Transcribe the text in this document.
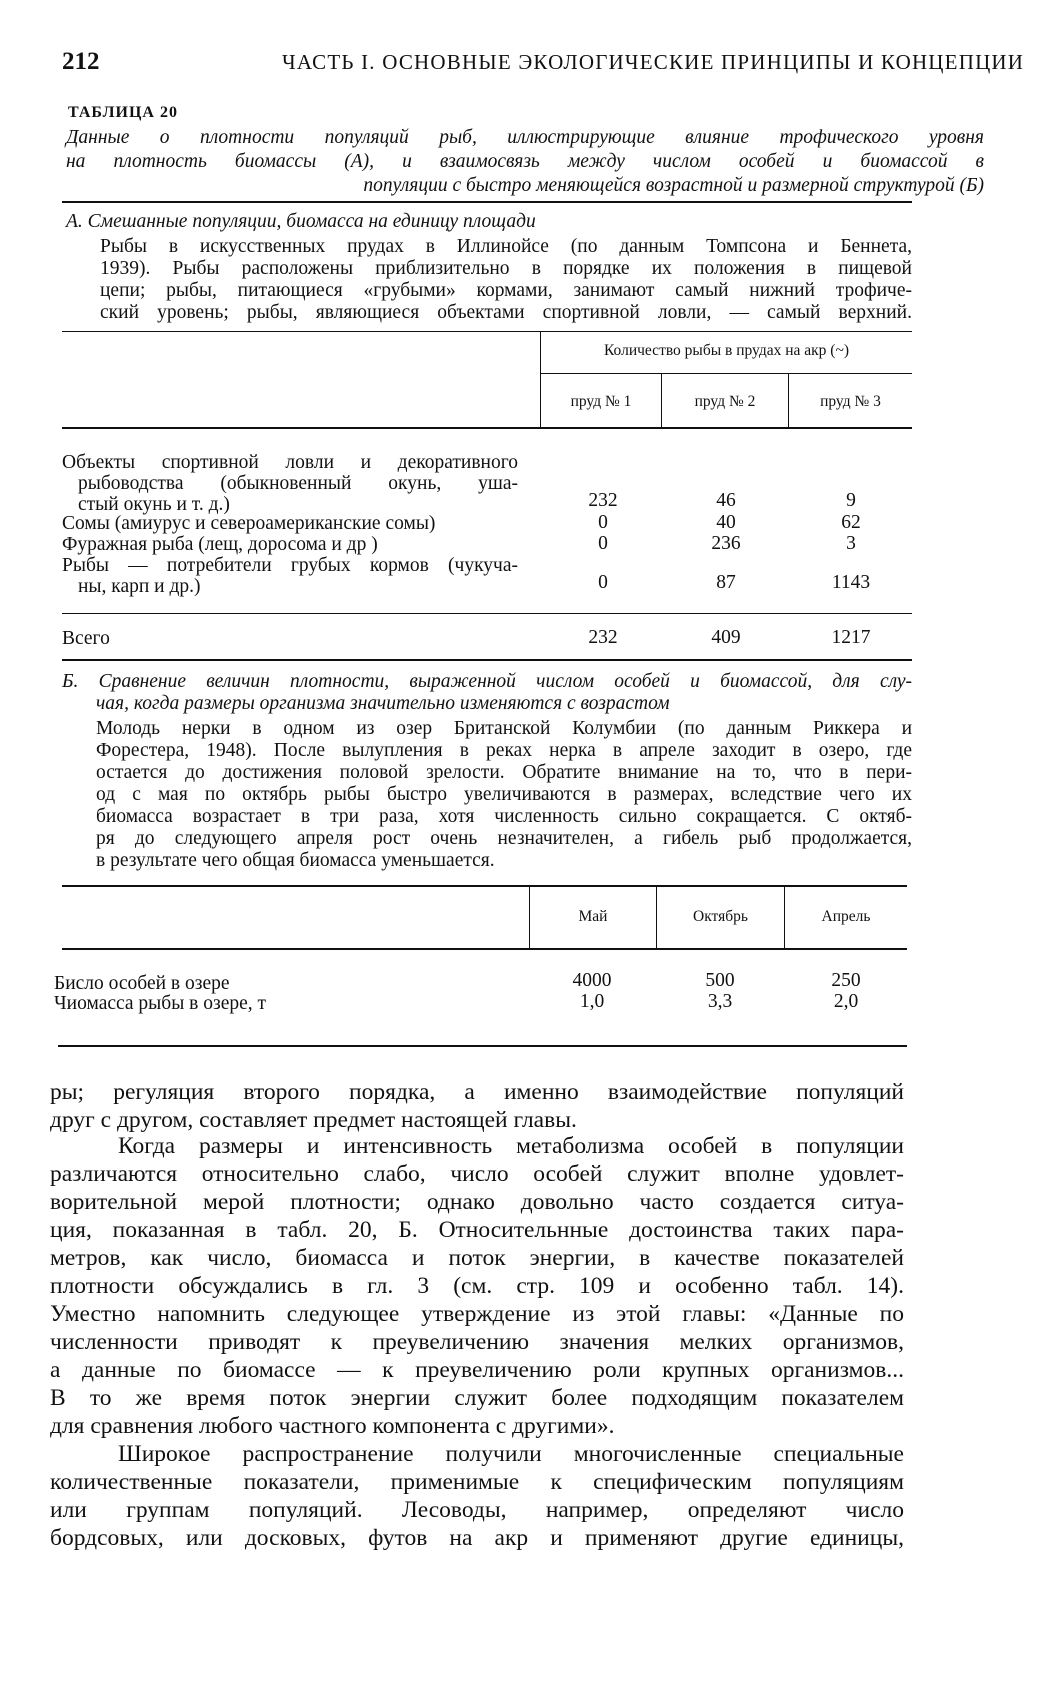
212	ЧАСТЬ I. ОСНОВНЫЕ ЭКОЛОГИЧЕСКИЕ ПРИНЦИПЫ И КОНЦЕПЦИИ
ТАБЛИЦА 20
Данные о плотности популяций рыб, иллюстрирующие влияние трофического уровня
на плотность биомассы (А), и взаимосвязь между числом особей и биомассой в
популяции с быстро меняющейся возрастной и размерной структурой (Б)
А. Смешанные популяции, биомасса на единицу площади
Рыбы в искусственных прудах в Иллинойсе (по данным Томпсона и Беннета,
1939). Рыбы расположены приблизительно в порядке их положения в пищевой
цепи; рыбы, питающиеся «грубыми» кормами, занимают самый нижний трофиче-
ский уровень; рыбы, являющиеся объектами спортивной ловли, — самый верхний.
Количество рыбы в прудах на акр (~)
пруд № 1	пруд № 2	пруд № 3
Объекты спортивной ловли и декоративного
рыбоводства (обыкновенный окунь, уша-
стый окунь и т. д.)	232	46	9
Сомы (амиурус и североамериканские сомы)	0	40	62
Фуражная рыба (лещ, доросома и др )	0	236	3
Рыбы — потребители грубых кормов (чукуча-
ны, карп и др.)	0	87	1143
Всего	232	409	1217
Б. Сравнение величин плотности, выраженной числом особей и биомассой, для слу-
чая, когда размеры организма значительно изменяются с возрастом
Молодь нерки в одном из озер Британской Колумбии (по данным Риккера и
Форестера, 1948). После вылупления в реках нерка в апреле заходит в озеро, где
остается до достижения половой зрелости. Обратите внимание на то, что в пери-
од с мая по октябрь рыбы быстро увеличиваются в размерах, вследствие чего их
биомасса возрастает в три раза, хотя численность сильно сокращается. С октяб-
ря до следующего апреля рост очень незначителен, а гибель рыб продолжается,
в результате чего общая биомасса уменьшается.
Май	Октябрь	Апрель
Бисло особей в озере	4000	500	250
Чиомасса рыбы в озере, т	1,0	3,3	2,0
ры; регуляция второго порядка, а именно взаимодействие популяций
друг с другом, составляет предмет настоящей главы.
Когда размеры и интенсивность метаболизма особей в популяции
различаются относительно слабо, число особей служит вполне удовлет-
ворительной мерой плотности; однако довольно часто создается ситуа-
ция, показанная в табл. 20, Б. Относительнные достоинства таких пара-
метров, как число, биомасса и поток энергии, в качестве показателей
плотности обсуждались в гл. 3 (см. стр. 109 и особенно табл. 14).
Уместно напомнить следующее утверждение из этой главы: «Данные по
численности приводят к преувеличению значения мелких организмов,
а данные по биомассе — к преувеличению роли крупных организмов...
В то же время поток энергии служит более подходящим показателем
для сравнения любого частного компонента с другими».
Широкое распространение получили многочисленные специальные
количественные показатели, применимые к специфическим популяциям
или группам популяций. Лесоводы, например, определяют число
бордсовых, или досковых, футов на акр и применяют другие единицы,
